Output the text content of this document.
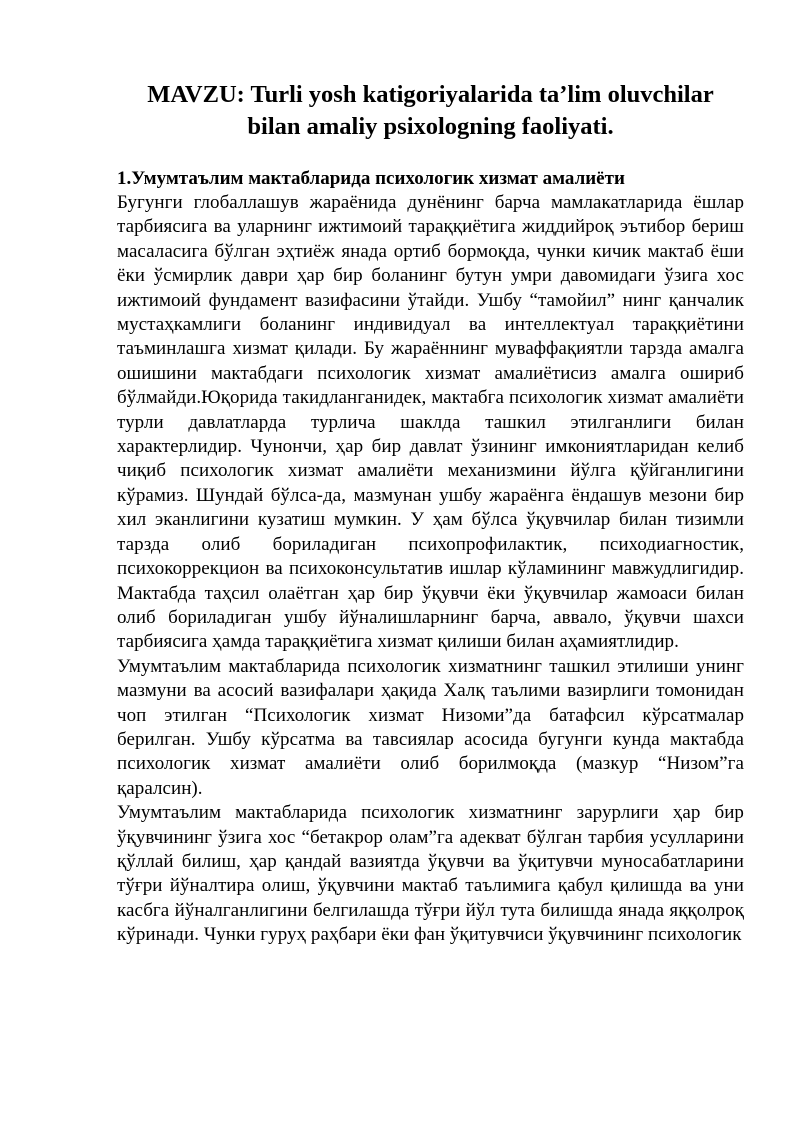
MAVZU: Turli yosh katigoriyalarida ta’lim oluvchilar
bilan amaliy psixologning faoliyati.

1.Умумтаълим мактабларида психологик хизмат амалиёти

Бугунги глобаллашув жараёнида дунёнинг барча мамлакатларида ёшлар тарбиясига ва уларнинг ижтимоий тараққиётига жиддийроқ эътибор бериш масаласига бўлган эҳтиёж янада ортиб бормоқда, чунки кичик мактаб ёши ёки ўсмирлик даври ҳар бир боланинг бутун умри давомидаги ўзига хос ижтимоий фундамент вазифасини ўтайди. Ушбу “тамойил” нинг қанчалик мустаҳкамлиги боланинг индивидуал ва интеллектуал тараққиётини таъминлашга хизмат қилади. Бу жараённинг муваффақиятли тарзда амалга ошишини мактабдаги психологик хизмат амалиётисиз амалга ошириб бўлмайди.Юқорида такидланганидек, мактабга психологик хизмат амалиёти турли давлатларда турлича шаклда ташкил этилганлиги билан характерлидир. Чунончи, ҳар бир давлат ўзининг имкониятларидан келиб чиқиб психологик хизмат амалиёти механизмини йўлга қўйганлигини кўрамиз. Шундай бўлса-да, мазмунан ушбу жараёнга ёндашув мезони бир хил эканлигини кузатиш мумкин. У ҳам бўлса ўқувчилар билан тизимли тарзда олиб бориладиган психопрофилактик, психодиагностик, психокоррекцион ва психоконсультатив ишлар кўламининг мавжудлигидир. Мактабда таҳсил олаётган ҳар бир ўқувчи ёки ўқувчилар жамоаси билан олиб бориладиган ушбу йўналишларнинг барча, аввало, ўқувчи шахси тарбиясига ҳамда тараққиётига хизмат қилиши билан аҳамиятлидир.

Умумтаълим мактабларида психологик хизматнинг ташкил этилиши унинг мазмуни ва асосий вазифалари ҳақида Халқ таълими вазирлиги томонидан чоп этилган “Психологик хизмат Низоми”да батафсил кўрсатмалар берилган. Ушбу кўрсатма ва тавсиялар асосида бугунги кунда мактабда психологик хизмат амалиёти олиб борилмоқда (мазкур “Низом”га қаралсин).

Умумтаълим мактабларида психологик хизматнинг зарурлиги ҳар бир ўқувчининг ўзига хос “бетакрор олам”га адекват бўлган тарбия усулларини қўллай билиш, ҳар қандай вазиятда ўқувчи ва ўқитувчи муносабатларини тўғри йўналтира олиш, ўқувчини мактаб таълимига қабул қилишда ва уни касбга йўналганлигини белгилашда тўғри йўл тута билишда янада яққолроқ кўринади. Чунки гуруҳ раҳбари ёки фан ўқитувчиси ўқувчининг психологик
